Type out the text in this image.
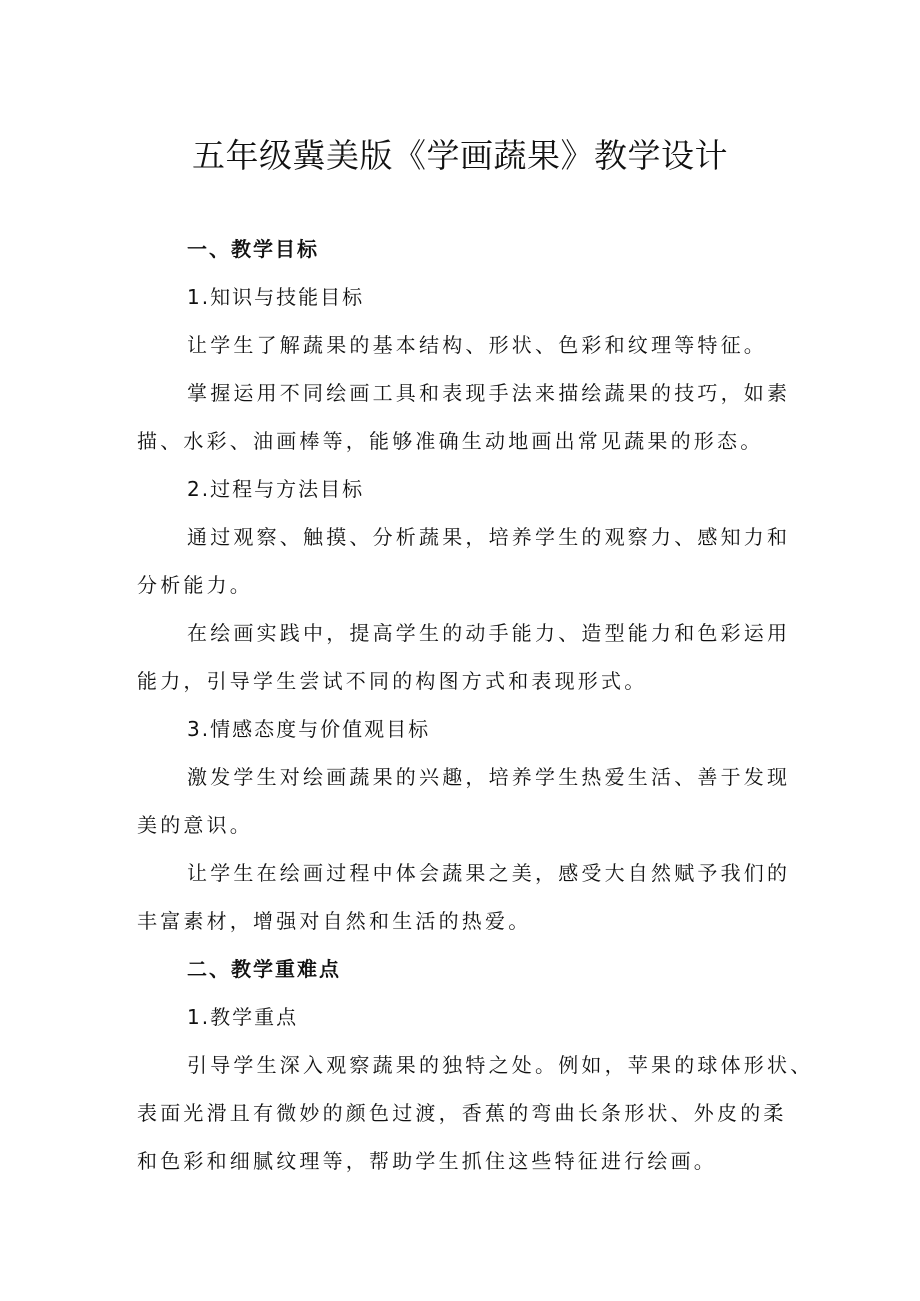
五年级冀美版《学画蔬果》教学设计
一、教学目标
1.知识与技能目标
让学生了解蔬果的基本结构、形状、色彩和纹理等特征。
掌握运用不同绘画工具和表现手法来描绘蔬果的技巧，如素
描、水彩、油画棒等，能够准确生动地画出常见蔬果的形态。
2.过程与方法目标
通过观察、触摸、分析蔬果，培养学生的观察力、感知力和
分析能力。
在绘画实践中，提高学生的动手能力、造型能力和色彩运用
能力，引导学生尝试不同的构图方式和表现形式。
3.情感态度与价值观目标
激发学生对绘画蔬果的兴趣，培养学生热爱生活、善于发现
美的意识。
让学生在绘画过程中体会蔬果之美，感受大自然赋予我们的
丰富素材，增强对自然和生活的热爱。
二、教学重难点
1.教学重点
引导学生深入观察蔬果的独特之处。例如，苹果的球体形状、
表面光滑且有微妙的颜色过渡，香蕉的弯曲长条形状、外皮的柔
和色彩和细腻纹理等，帮助学生抓住这些特征进行绘画。
